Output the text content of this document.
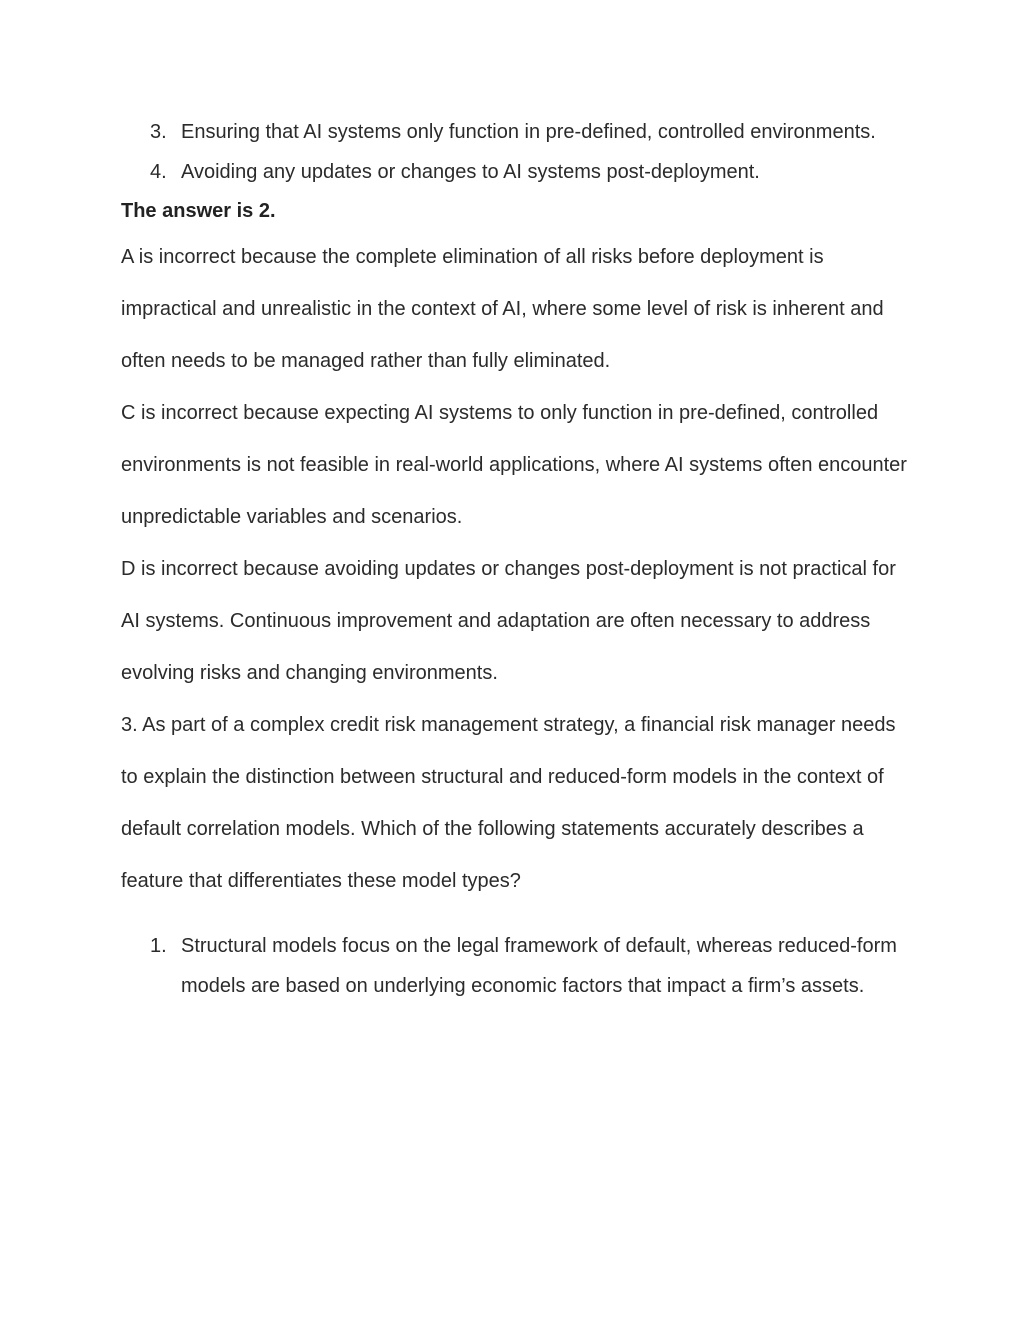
3. Ensuring that AI systems only function in pre-defined, controlled environments.
4. Avoiding any updates or changes to AI systems post-deployment.

The answer is 2.

A is incorrect because the complete elimination of all risks before deployment is impractical and unrealistic in the context of AI, where some level of risk is inherent and often needs to be managed rather than fully eliminated.

C is incorrect because expecting AI systems to only function in pre-defined, controlled environments is not feasible in real-world applications, where AI systems often encounter unpredictable variables and scenarios.

D is incorrect because avoiding updates or changes post-deployment is not practical for AI systems. Continuous improvement and adaptation are often necessary to address evolving risks and changing environments.

3. As part of a complex credit risk management strategy, a financial risk manager needs to explain the distinction between structural and reduced-form models in the context of default correlation models. Which of the following statements accurately describes a feature that differentiates these model types?

1. Structural models focus on the legal framework of default, whereas reduced-form models are based on underlying economic factors that impact a firm’s assets.
